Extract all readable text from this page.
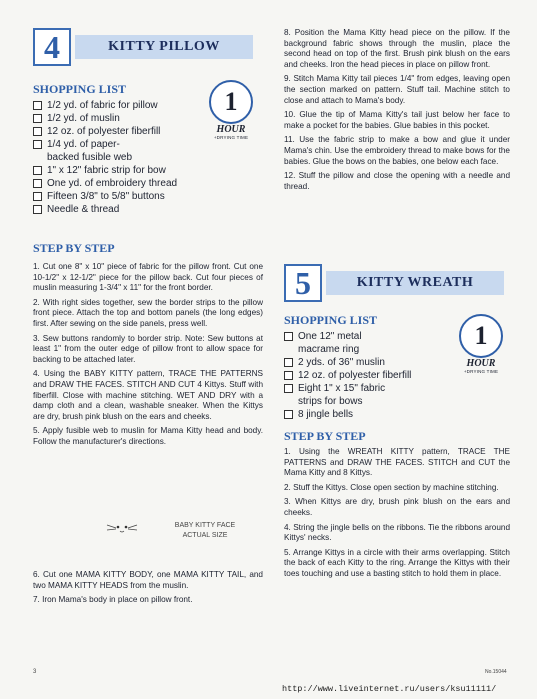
4	KITTY PILLOW
SHOPPING LIST
1/2 yd. of fabric for pillow
1/2 yd. of muslin
12 oz. of polyester fiberfill
1/4 yd. of paper-backed fusible web
1" x 12" fabric strip for bow
One yd. of embroidery thread
Fifteen 3/8" to 5/8" buttons
Needle & thread
1
HOUR
+DRYING TIME
STEP BY STEP

1. Cut one 8" x 10" piece of fabric for the pillow front. Cut one 10-1/2" x 12-1/2" piece for the pillow back. Cut four pieces of muslin measuring 1-3/4" x 11" for the front border.

2. With right sides together, sew the border strips to the pillow front piece. Attach the top and bottom panels (the long edges) first. After sewing on the side panels, press well.

3. Sew buttons randomly to border strip. Note: Sew buttons at least 1" from the outer edge of pillow front to allow space for backing to be attached later.

4. Using the BABY KITTY pattern, TRACE THE PATTERNS and DRAW THE FACES. STITCH AND CUT 4 Kittys. Stuff with fiberfill. Close with machine stitching. WET AND DRY with a damp cloth and a clean, washable sneaker. When the Kittys are dry, brush pink blush on the ears and cheeks.

5. Apply fusible web to muslin for Mama Kitty head and body. Follow the manufacturer's directions.

BABY KITTY FACE
ACTUAL SIZE

6. Cut one MAMA KITTY BODY, one MAMA KITTY TAIL, and two MAMA KITTY HEADS from the muslin.

7. Iron Mama's body in place on pillow front.

8. Position the Mama Kitty head piece on the pillow. If the background fabric shows through the muslin, place the second head on top of the first. Brush pink blush on the ears and cheeks. Iron the head pieces in place on pillow front.

9. Stitch Mama Kitty tail pieces 1/4" from edges, leaving open the section marked on pattern. Stuff tail. Machine stitch to close and attach to Mama's body.

10. Glue the tip of Mama Kitty's tail just below her face to make a pocket for the babies. Glue babies in this pocket.

11. Use the fabric strip to make a bow and glue it under Mama's chin. Use the embroidery thread to make bows for the babies. Glue the bows on the babies, one below each face.

12. Stuff the pillow and close the opening with a needle and thread.

5	KITTY WREATH
SHOPPING LIST
One 12" metal macrame ring
2 yds. of 36" muslin
12 oz. of polyester fiberfill
Eight 1" x 15" fabric strips for bows
8 jingle bells
1
HOUR
+DRYING TIME
STEP BY STEP

1. Using the WREATH KITTY pattern, TRACE THE PATTERNS and DRAW THE FACES. STITCH and CUT the Mama Kitty and 8 Kittys.

2. Stuff the Kittys. Close open section by machine stitching.

3. When Kittys are dry, brush pink blush on the ears and cheeks.

4. String the jingle bells on the ribbons. Tie the ribbons around Kittys' necks.

5. Arrange Kittys in a circle with their arms overlapping. Stitch the back of each Kitty to the ring. Arrange the Kittys with their toes touching and use a basting stitch to hold them in place.

3	No.15044
http://www.liveinternet.ru/users/ksu11111/
